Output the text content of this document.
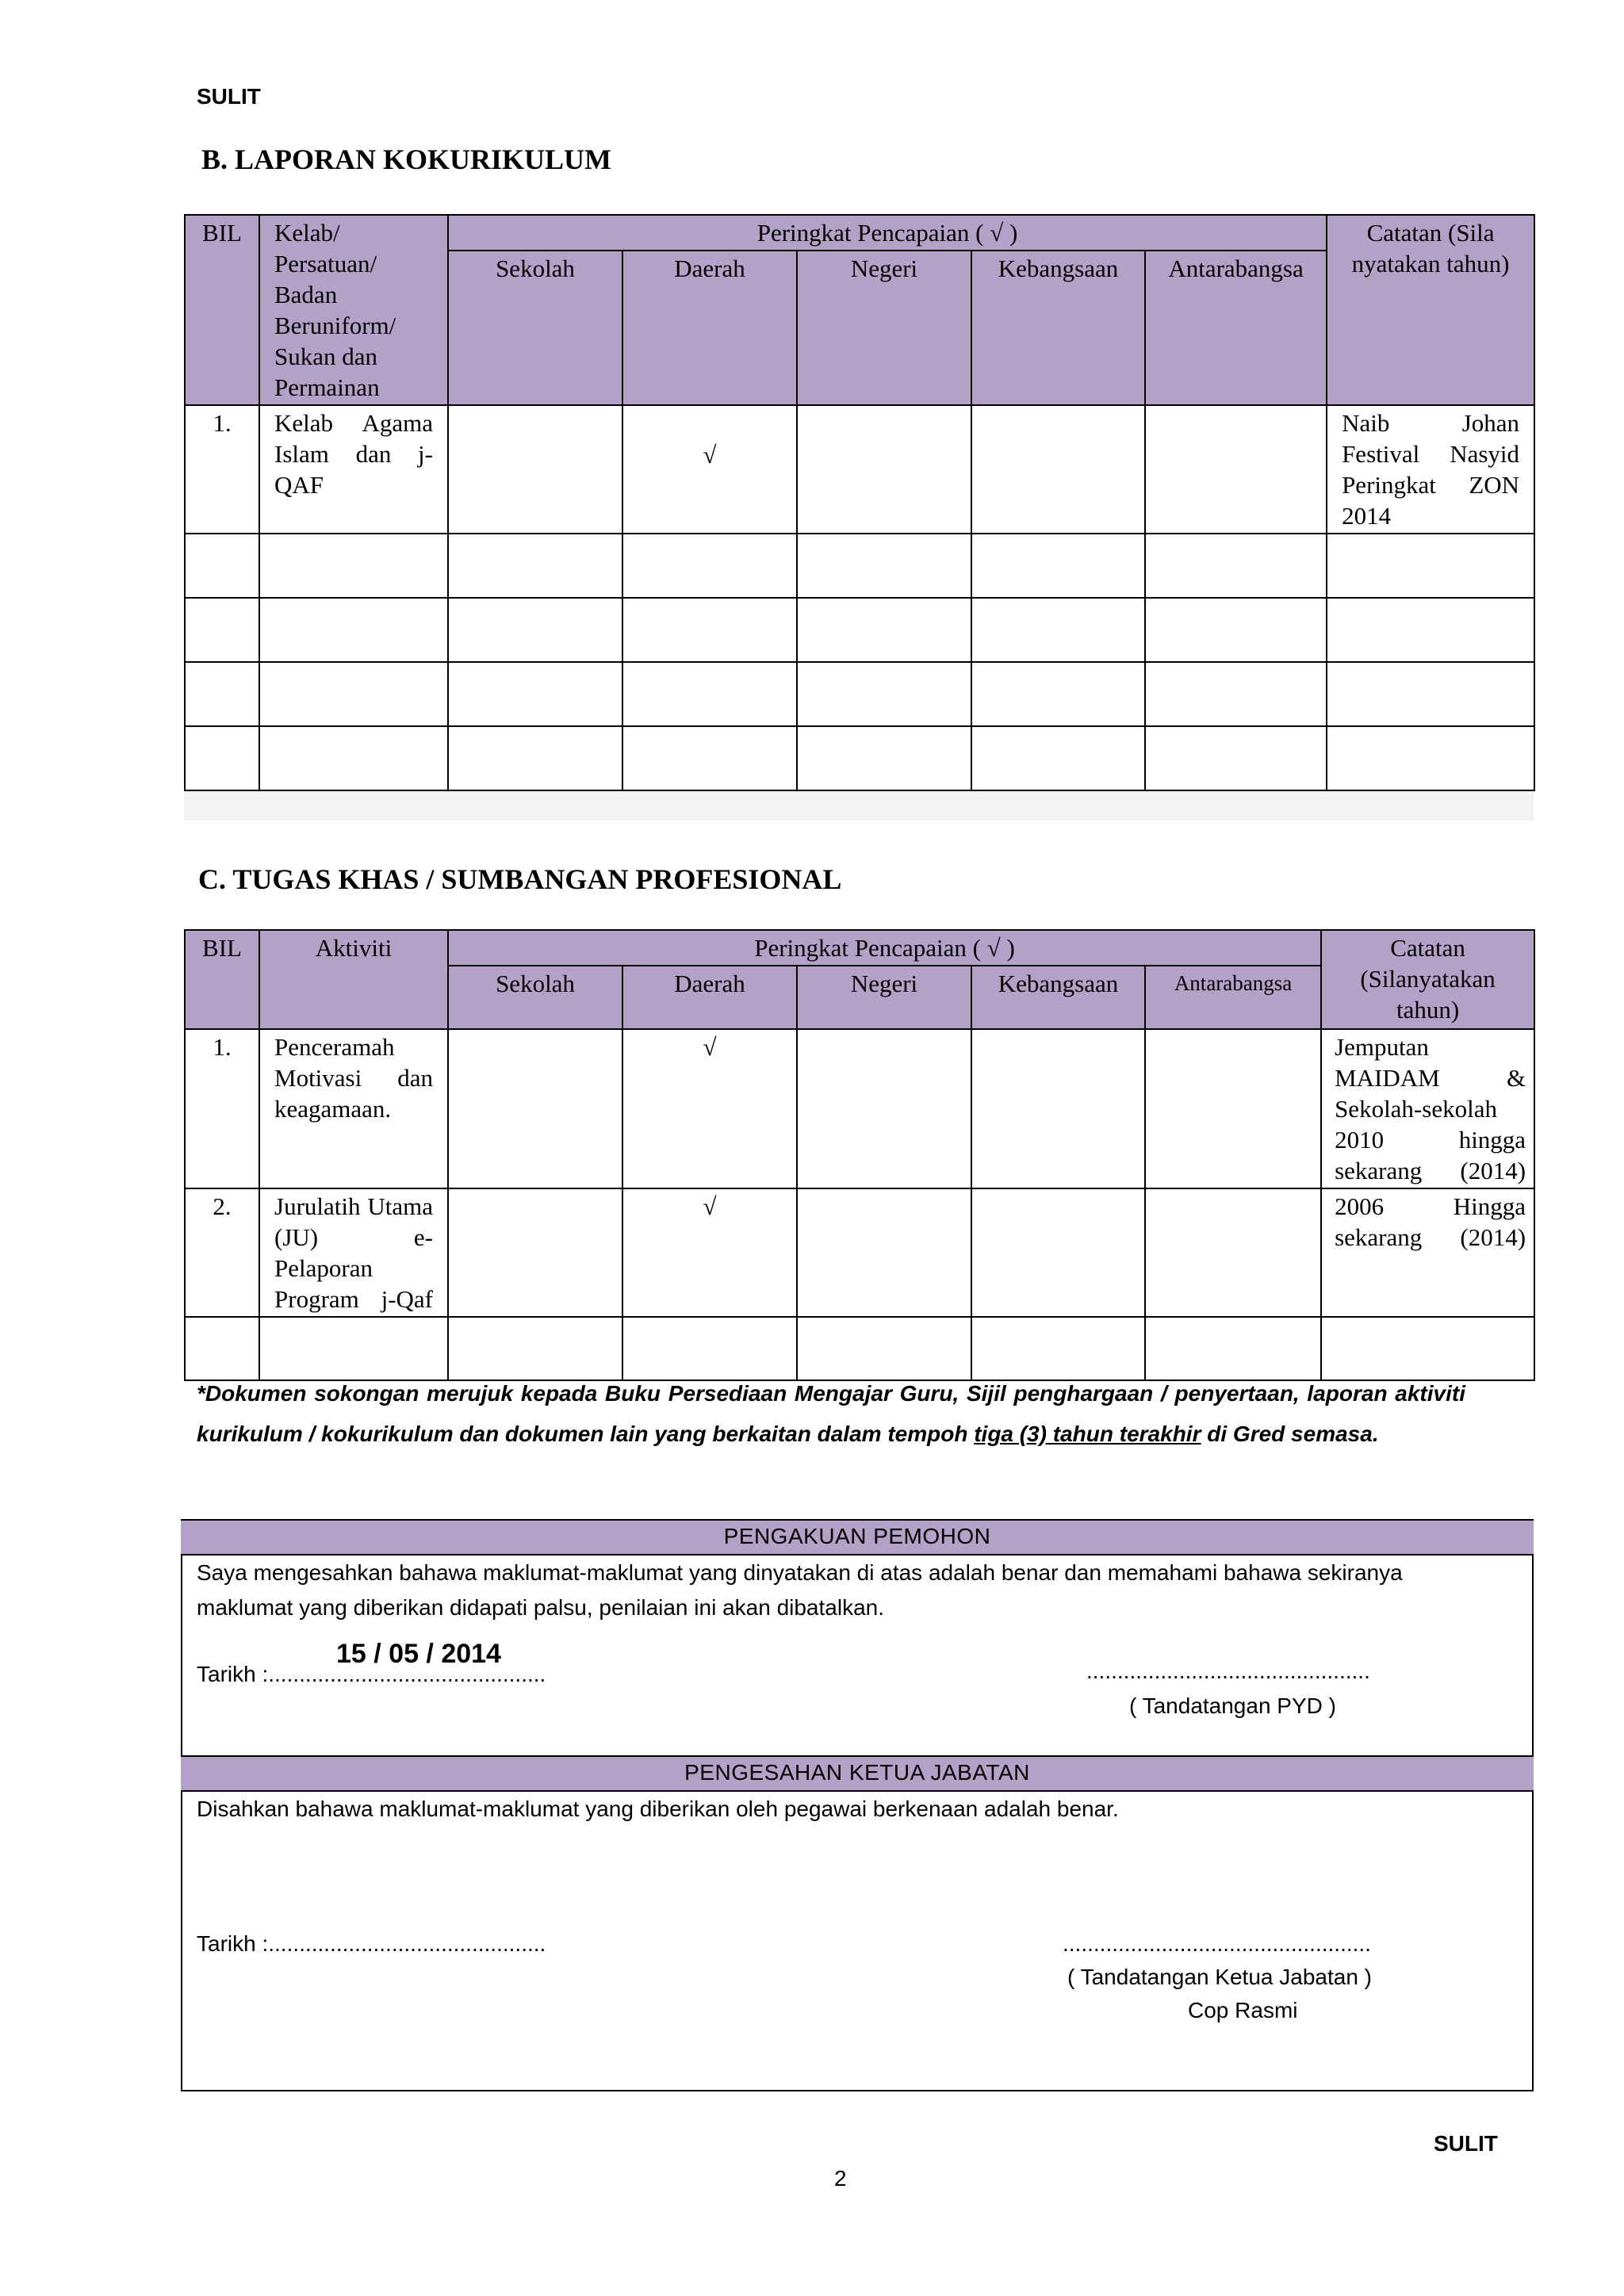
SULIT
B. LAPORAN KOKURIKULUM
BIL	Kelab/ Persatuan/ Badan Beruniform/ Sukan dan Permainan	Peringkat Pencapaian ( √ )					Catatan (Sila nyatakan tahun)
		Sekolah	Daerah	Negeri	Kebangsaan	Antarabangsa	
1.	Kelab Agama Islam dan j-QAF		√				Naib Johan Festival Nasyid Peringkat ZON 2014

C. TUGAS KHAS / SUMBANGAN PROFESIONAL
BIL	Aktiviti	Peringkat Pencapaian ( √ )					Catatan (Silanyatakan tahun)
		Sekolah	Daerah	Negeri	Kebangsaan	Antarabangsa	
1.	Penceramah Motivasi dan keagamaan.		√				Jemputan MAIDAM & Sekolah-sekolah 2010 hingga sekarang (2014)
2.	Jurulatih Utama (JU) e-Pelaporan Program j-Qaf		√				2006 Hingga sekarang (2014)

*Dokumen sokongan merujuk kepada Buku Persediaan Mengajar Guru, Sijil penghargaan / penyertaan, laporan aktiviti kurikulum / kokurikulum dan dokumen lain yang berkaitan dalam tempoh tiga (3) tahun terakhir di Gred semasa.
PENGAKUAN PEMOHON
Saya mengesahkan bahawa maklumat-maklumat yang dinyatakan di atas adalah benar dan memahami bahawa sekiranya maklumat yang diberikan didapati palsu, penilaian ini akan dibatalkan.
15 / 05 / 2014
Tarikh :.............................................	..............................................
( Tandatangan PYD )
PENGESAHAN KETUA JABATAN
Disahkan bahawa maklumat-maklumat yang diberikan oleh pegawai berkenaan adalah benar.
Tarikh :.............................................	..................................................
( Tandatangan Ketua Jabatan )
Cop Rasmi
SULIT
2
